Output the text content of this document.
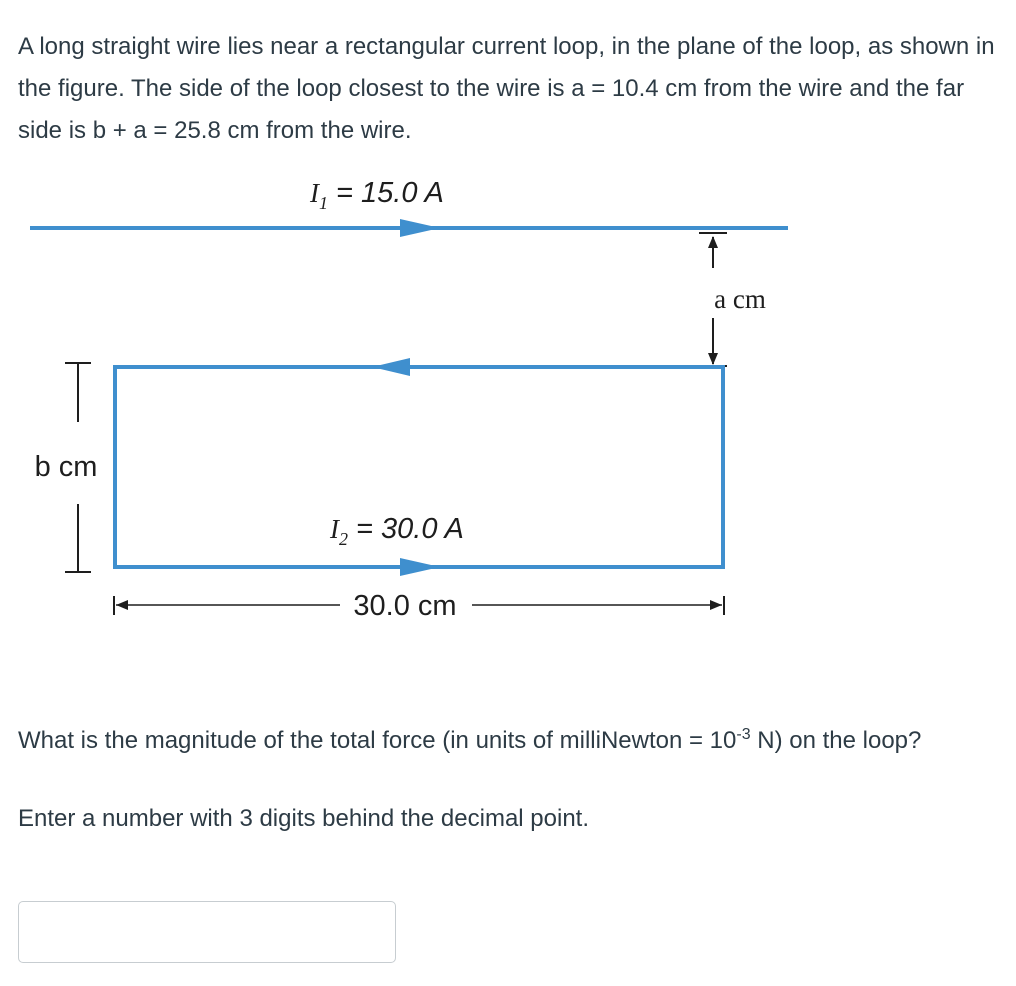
A long straight wire lies near a rectangular current loop, in the plane of the loop, as shown in the figure. The side of the loop closest to the wire is a = 10.4 cm from the wire and the far side is b + a = 25.8 cm from the wire.

$I_1 = 15.0$ A
a cm
$I_2 = 30.0$ A
b cm
30.0 cm

What is the magnitude of the total force (in units of milliNewton = $10^{-3}$ N) on the loop?

Enter a number with 3 digits behind the decimal point.
